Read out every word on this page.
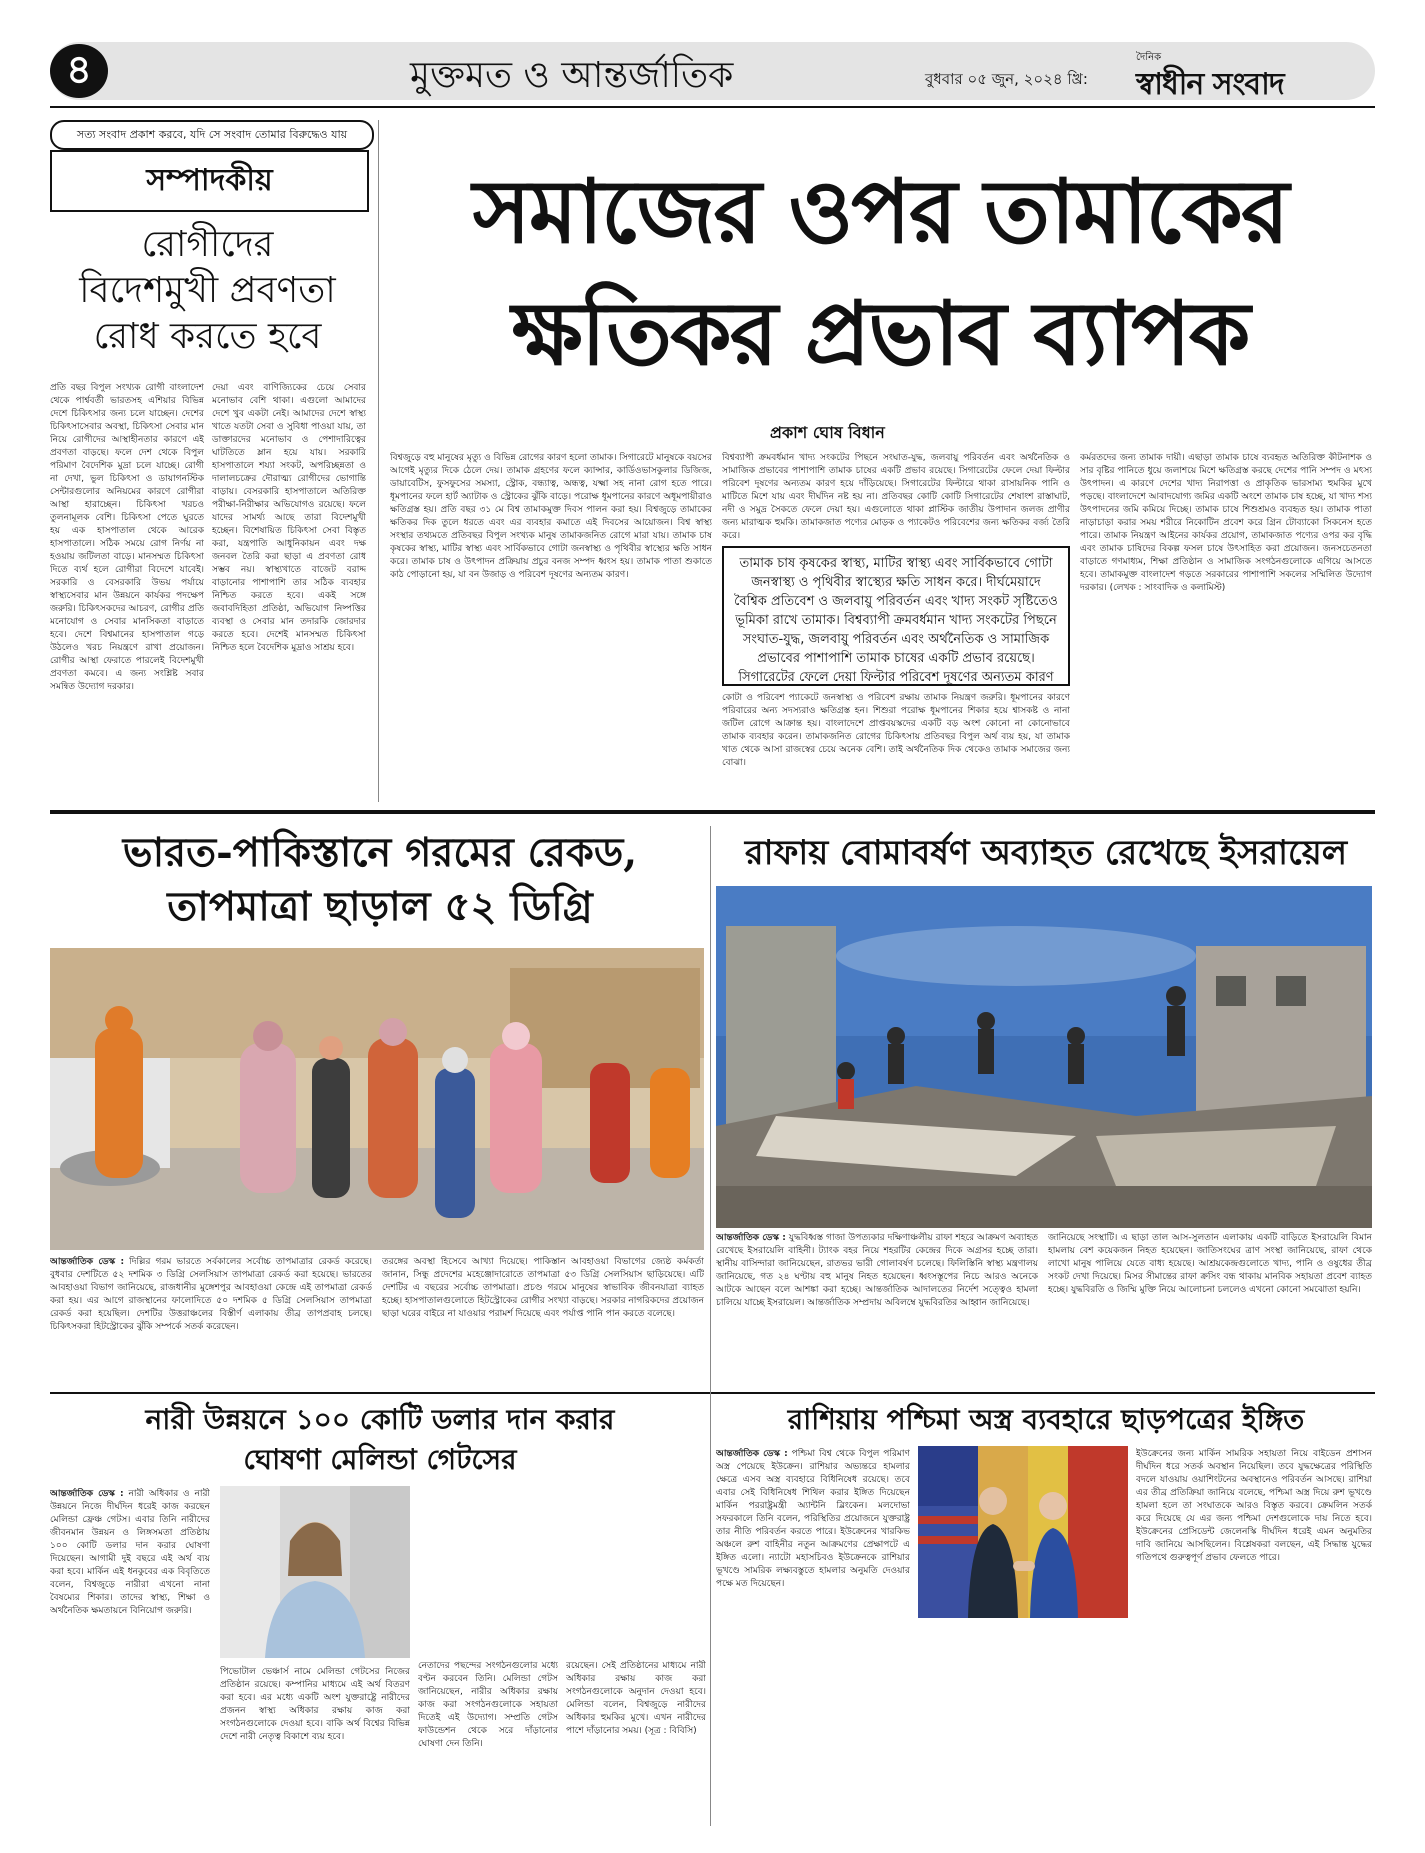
৪	মুক্তমত ও আন্তর্জাতিক	বুধবার ০৫ জুন, ২০২৪ খ্রি:
দৈনিক
স্বাধীন সংবাদ
সত্য সংবাদ প্রকাশ করবে, যদি সে সংবাদ তোমার বিরুদ্ধেও যায়
সম্পাদকীয়
রোগীদের
বিদেশমুখী প্রবণতা
রোধ করতে হবে
প্রতি বছর বিপুল সংখ্যক রোগী বাংলাদেশ থেকে পার্শ্ববর্তী ভারতসহ এশিয়ার বিভিন্ন দেশে চিকিৎসার জন্য চলে যাচ্ছেন। দেশের চিকিৎসাসেবার অবস্থা, চিকিৎসা সেবার মান নিয়ে রোগীদের আস্থাহীনতার কারণে এই প্রবণতা বাড়ছে। ফলে দেশ থেকে বিপুল পরিমাণ বৈদেশিক মুদ্রা চলে যাচ্ছে। রোগী না দেখা, ভুল চিকিৎসা ও ডায়াগনস্টিক সেন্টারগুলোর অনিয়মের কারণে রোগীরা আস্থা হারাচ্ছেন। চিকিৎসা খরচও তুলনামূলক বেশি। চিকিৎসা পেতে ঘুরতে হয় এক হাসপাতাল থেকে আরেক হাসপাতালে। সঠিক সময়ে রোগ নির্ণয় না হওয়ায় জটিলতা বাড়ে। মানসম্মত চিকিৎসা দিতে ব্যর্থ হলে রোগীরা বিদেশে যাবেই। সরকারি ও বেসরকারি উভয় পর্যায়ে স্বাস্থ্যসেবার মান উন্নয়নে কার্যকর পদক্ষেপ জরুরি। চিকিৎসকদের আচরণ, রোগীর প্রতি মনোযোগ ও সেবার মানসিকতা বাড়াতে হবে। দেশে বিশ্বমানের হাসপাতাল গড়ে উঠলেও খরচ নিয়ন্ত্রণে রাখা প্রয়োজন। রোগীর আস্থা ফেরাতে পারলেই বিদেশমুখী প্রবণতা কমবে। এ জন্য সংশ্লিষ্ট সবার সমন্বিত উদ্যোগ দরকার।
দেয়া এবং বাণিজ্যিকের চেয়ে সেবার মনোভাব বেশি থাকা। এগুলো আমাদের দেশে খুব একটা নেই। আমাদের দেশে স্বাস্থ্য খাতে যতটা সেবা ও সুবিধা পাওয়া যায়, তা ডাক্তারদের মনোভাব ও পেশাদারিত্বের ঘাটতিতে ম্লান হয়ে যায়। সরকারি হাসপাতালে শয্যা সংকট, অপরিচ্ছন্নতা ও দালালচক্রের দৌরাত্ম্য রোগীদের ভোগান্তি বাড়ায়। বেসরকারি হাসপাতালে অতিরিক্ত পরীক্ষা-নিরীক্ষার অভিযোগও রয়েছে। ফলে যাদের সামর্থ্য আছে তারা বিদেশমুখী হচ্ছেন। বিশেষায়িত চিকিৎসা সেবা বিস্তৃত করা, যন্ত্রপাতি আধুনিকায়ন এবং দক্ষ জনবল তৈরি করা ছাড়া এ প্রবণতা রোধ সম্ভব নয়। স্বাস্থ্যখাতে বাজেট বরাদ্দ বাড়ানোর পাশাপাশি তার সঠিক ব্যবহার নিশ্চিত করতে হবে। একই সঙ্গে জবাবদিহিতা প্রতিষ্ঠা, অভিযোগ নিষ্পত্তির ব্যবস্থা ও সেবার মান তদারকি জোরদার করতে হবে। দেশেই মানসম্মত চিকিৎসা নিশ্চিত হলে বৈদেশিক মুদ্রাও সাশ্রয় হবে।
সমাজের ওপর তামাকের
ক্ষতিকর প্রভাব ব্যাপক
প্রকাশ ঘোষ বিধান
বিশ্বজুড়ে বহু মানুষের মৃত্যু ও বিভিন্ন রোগের কারণ হলো তামাক। সিগারেটে মানুষকে বয়সের আগেই মৃত্যুর দিকে ঠেলে দেয়। তামাক গ্রহণের ফলে ক্যান্সার, কার্ডিওভাসকুলার ডিজিজ, ডায়াবেটিস, ফুসফুসের সমস্যা, স্ট্রোক, বন্ধ্যাত্ব, অন্ধত্ব, যক্ষ্মা সহ নানা রোগ হতে পারে। ধূমপানের ফলে হার্ট অ্যাটাক ও স্ট্রোকের ঝুঁকি বাড়ে। পরোক্ষ ধূমপানের কারণে অধূমপায়ীরাও ক্ষতিগ্রস্ত হয়। প্রতি বছর ৩১ মে বিশ্ব তামাকমুক্ত দিবস পালন করা হয়। বিশ্বজুড়ে তামাকের ক্ষতিকর দিক তুলে ধরতে এবং এর ব্যবহার কমাতে এই দিবসের আয়োজন। বিশ্ব স্বাস্থ্য সংস্থার তথ্যমতে প্রতিবছর বিপুল সংখ্যক মানুষ তামাকজনিত রোগে মারা যায়। তামাক চাষ কৃষকের স্বাস্থ্য, মাটির স্বাস্থ্য এবং সার্বিকভাবে গোটা জনস্বাস্থ্য ও পৃথিবীর স্বাস্থ্যের ক্ষতি সাধন করে। তামাক চাষ ও উৎপাদন প্রক্রিয়ায় প্রচুর বনজ সম্পদ ধ্বংস হয়। তামাক পাতা শুকাতে কাঠ পোড়ানো হয়, যা বন উজাড় ও পরিবেশ দূষণের অন্যতম কারণ।
বিশ্বব্যাপী ক্রমবর্ধমান খাদ্য সংকটের পিছনে সংঘাত-যুদ্ধ, জলবায়ু পরিবর্তন এবং অর্থনৈতিক ও সামাজিক প্রভাবের পাশাপাশি তামাক চাষের একটি প্রভাব রয়েছে। সিগারেটের ফেলে দেয়া ফিল্টার পরিবেশ দূষণের অন্যতম কারণ হয়ে দাঁড়িয়েছে। সিগারেটের ফিল্টারে থাকা রাসায়নিক পানি ও মাটিতে মিশে যায় এবং দীর্ঘদিন নষ্ট হয় না। প্রতিবছর কোটি কোটি সিগারেটের শেষাংশ রাস্তাঘাট, নদী ও সমুদ্র সৈকতে ফেলে দেয়া হয়। এগুলোতে থাকা প্লাস্টিক জাতীয় উপাদান জলজ প্রাণীর জন্য মারাত্মক হুমকি। তামাকজাত পণ্যের মোড়ক ও প্যাকেটও পরিবেশের জন্য ক্ষতিকর বর্জ্য তৈরি করে।
তামাক চাষ কৃষকের স্বাস্থ্য, মাটির স্বাস্থ্য এবং সার্বিকভাবে গোটা জনস্বাস্থ্য ও পৃথিবীর স্বাস্থ্যের ক্ষতি সাধন করে। দীর্ঘমেয়াদে বৈশ্বিক প্রতিবেশ ও জলবায়ু পরিবর্তন এবং খাদ্য সংকট সৃষ্টিতেও ভূমিকা রাখে তামাক। বিশ্বব্যাপী ক্রমবর্ধমান খাদ্য সংকটের পিছনে সংঘাত-যুদ্ধ, জলবায়ু পরিবর্তন এবং অর্থনৈতিক ও সামাজিক প্রভাবের পাশাপাশি তামাক চাষের একটি প্রভাব রয়েছে। সিগারেটের ফেলে দেয়া ফিল্টার পরিবেশ দূষণের অন্যতম কারণ
কোটা ও পরিবেশ প্যাকেটে জনস্বাস্থ্য ও পরিবেশ রক্ষায় তামাক নিয়ন্ত্রণ জরুরি। ধূমপানের কারণে পরিবারের অন্য সদস্যরাও ক্ষতিগ্রস্ত হন। শিশুরা পরোক্ষ ধূমপানের শিকার হয়ে শ্বাসকষ্ট ও নানা জটিল রোগে আক্রান্ত হয়। বাংলাদেশে প্রাপ্তবয়স্কদের একটি বড় অংশ কোনো না কোনোভাবে তামাক ব্যবহার করেন। তামাকজনিত রোগের চিকিৎসায় প্রতিবছর বিপুল অর্থ ব্যয় হয়, যা তামাক খাত থেকে আসা রাজস্বের চেয়ে অনেক বেশি। তাই অর্থনৈতিক দিক থেকেও তামাক সমাজের জন্য বোঝা।
কর্মরতদের জন্য তামাক দায়ী। এছাড়া তামাক চাষে ব্যবহৃত অতিরিক্ত কীটনাশক ও সার বৃষ্টির পানিতে ধুয়ে জলাশয়ে মিশে ক্ষতিগ্রস্ত করছে দেশের পানি সম্পদ ও মৎস্য উৎপাদন। এ কারণে দেশের খাদ্য নিরাপত্তা ও প্রাকৃতিক ভারসাম্য হুমকির মুখে পড়ছে। বাংলাদেশে আবাদযোগ্য জমির একটি অংশে তামাক চাষ হচ্ছে, যা খাদ্য শস্য উৎপাদনের জমি কমিয়ে দিচ্ছে। তামাক চাষে শিশুশ্রমও ব্যবহৃত হয়। তামাক পাতা নাড়াচাড়া করার সময় শরীরে নিকোটিন প্রবেশ করে গ্রিন টোব্যাকো সিকনেস হতে পারে। তামাক নিয়ন্ত্রণ আইনের কার্যকর প্রয়োগ, তামাকজাত পণ্যের ওপর কর বৃদ্ধি এবং তামাক চাষিদের বিকল্প ফসল চাষে উৎসাহিত করা প্রয়োজন। জনসচেতনতা বাড়াতে গণমাধ্যম, শিক্ষা প্রতিষ্ঠান ও সামাজিক সংগঠনগুলোকে এগিয়ে আসতে হবে। তামাকমুক্ত বাংলাদেশ গড়তে সরকারের পাশাপাশি সকলের সম্মিলিত উদ্যোগ দরকার। (লেখক : সাংবাদিক ও কলামিস্ট)
ভারত-পাকিস্তানে গরমের রেকড,
তাপমাত্রা ছাড়াল ৫২ ডিগ্রি
আন্তর্জাতিক ডেস্ক : দিল্লির গরম ভারতে সর্বকালের সর্বোচ্চ তাপমাত্রার রেকর্ড করেছে। বুধবার দেশটিতে ৫২ দশমিক ৩ ডিগ্রি সেলসিয়াস তাপমাত্রা রেকর্ড করা হয়েছে। ভারতের আবহাওয়া বিভাগ জানিয়েছে, রাজধানীর মুঙ্গেশপুর আবহাওয়া কেন্দ্রে এই তাপমাত্রা রেকর্ড করা হয়। এর আগে রাজস্থানের ফালোদিতে ৫০ দশমিক ৫ ডিগ্রি সেলসিয়াস তাপমাত্রা রেকর্ড করা হয়েছিল। দেশটির উত্তরাঞ্চলের বিস্তীর্ণ এলাকায় তীব্র তাপপ্রবাহ চলছে। চিকিৎসকরা হিটস্ট্রোকের ঝুঁকি সম্পর্কে সতর্ক করেছেন।
তরঙ্গের অবস্থা হিসেবে আখ্যা দিয়েছে। পাকিস্তান আবহাওয়া বিভাগের জ্যেষ্ঠ কর্মকর্তা জানান, সিন্ধু প্রদেশের মহেঞ্জোদারোতে তাপমাত্রা ৫৩ ডিগ্রি সেলসিয়াস ছাড়িয়েছে। এটি দেশটির এ বছরের সর্বোচ্চ তাপমাত্রা। প্রচণ্ড গরমে মানুষের স্বাভাবিক জীবনযাত্রা ব্যাহত হচ্ছে। হাসপাতালগুলোতে হিটস্ট্রোকের রোগীর সংখ্যা বাড়ছে। সরকার নাগরিকদের প্রয়োজন ছাড়া ঘরের বাইরে না যাওয়ার পরামর্শ দিয়েছে এবং পর্যাপ্ত পানি পান করতে বলেছে।
রাফায় বোমাবর্ষণ অব্যাহত রেখেছে ইসরায়েল
আন্তর্জাতিক ডেস্ক : যুদ্ধবিধ্বস্ত গাজা উপত্যকার দক্ষিণাঞ্চলীয় রাফা শহরে আক্রমণ অব্যাহত রেখেছে ইসরায়েলি বাহিনী। ট্যাংক বহর নিয়ে শহরটির কেন্দ্রের দিকে অগ্রসর হচ্ছে তারা। স্থানীয় বাসিন্দারা জানিয়েছেন, রাতভর ভারী গোলাবর্ষণ চলেছে। ফিলিস্তিনি স্বাস্থ্য মন্ত্রণালয় জানিয়েছে, গত ২৪ ঘণ্টায় বহু মানুষ নিহত হয়েছেন। ধ্বংসস্তূপের নিচে আরও অনেকে আটকে আছেন বলে আশঙ্কা করা হচ্ছে। আন্তর্জাতিক আদালতের নির্দেশ সত্ত্বেও হামলা চালিয়ে যাচ্ছে ইসরায়েল। আন্তর্জাতিক সম্প্রদায় অবিলম্বে যুদ্ধবিরতির আহ্বান জানিয়েছে।
জানিয়েছে সংস্থাটি। এ ছাড়া তাল আস-সুলতান এলাকায় একটি বাড়িতে ইসরায়েলি বিমান হামলায় বেশ কয়েকজন নিহত হয়েছেন। জাতিসংঘের ত্রাণ সংস্থা জানিয়েছে, রাফা থেকে লাখো মানুষ পালিয়ে যেতে বাধ্য হয়েছে। আশ্রয়কেন্দ্রগুলোতে খাদ্য, পানি ও ওষুধের তীব্র সংকট দেখা দিয়েছে। মিসর সীমান্তের রাফা ক্রসিং বন্ধ থাকায় মানবিক সহায়তা প্রবেশ ব্যাহত হচ্ছে। যুদ্ধবিরতি ও জিম্মি মুক্তি নিয়ে আলোচনা চললেও এখনো কোনো সমঝোতা হয়নি।
নারী উন্নয়নে ১০০ কোটি ডলার দান করার
ঘোষণা মেলিন্ডা গেটসের
আন্তর্জাতিক ডেস্ক : নারী অধিকার ও নারী উন্নয়নে নিজে দীর্ঘদিন ধরেই কাজ করছেন মেলিন্ডা ফ্রেঞ্চ গেটস। এবার তিনি নারীদের জীবনমান উন্নয়ন ও লিঙ্গসমতা প্রতিষ্ঠায় ১০০ কোটি ডলার দান করার ঘোষণা দিয়েছেন। আগামী দুই বছরে এই অর্থ ব্যয় করা হবে। মার্কিন এই ধনকুবের এক বিবৃতিতে বলেন, বিশ্বজুড়ে নারীরা এখনো নানা বৈষম্যের শিকার। তাদের স্বাস্থ্য, শিক্ষা ও অর্থনৈতিক ক্ষমতায়নে বিনিয়োগ জরুরি।
পিভোটাল ভেঞ্চার্স নামে মেলিন্ডা গেটসের নিজের প্রতিষ্ঠান রয়েছে। কম্পানির মাধ্যমে এই অর্থ বিতরণ করা হবে। এর মধ্যে একটি অংশ যুক্তরাষ্ট্রে নারীদের প্রজনন স্বাস্থ্য অধিকার রক্ষায় কাজ করা সংগঠনগুলোকে দেওয়া হবে। বাকি অর্থ বিশ্বের বিভিন্ন দেশে নারী নেতৃত্ব বিকাশে ব্যয় হবে।
নেতাদের পছন্দের সংগঠনগুলোর মধ্যে বণ্টন করবেন তিনি। মেলিন্ডা গেটস জানিয়েছেন, নারীর অধিকার রক্ষায় কাজ করা সংগঠনগুলোকে সহায়তা দিতেই এই উদ্যোগ। সম্প্রতি গেটস ফাউন্ডেশন থেকে সরে দাঁড়ানোর ঘোষণা দেন তিনি।
রয়েছেন। সেই প্রতিষ্ঠানের মাধ্যমে নারী অধিকার রক্ষায় কাজ করা সংগঠনগুলোকে অনুদান দেওয়া হবে। মেলিন্ডা বলেন, বিশ্বজুড়ে নারীদের অধিকার হুমকির মুখে। এখন নারীদের পাশে দাঁড়ানোর সময়। (সূত্র : বিবিসি)
রাশিয়ায় পশ্চিমা অস্ত্র ব্যবহারে ছাড়পত্রের ইঙ্গিত
আন্তর্জাতিক ডেস্ক : পশ্চিমা বিশ্ব থেকে বিপুল পরিমাণ অস্ত্র পেয়েছে ইউক্রেন। রাশিয়ার অভ্যন্তরে হামলার ক্ষেত্রে এসব অস্ত্র ব্যবহারে বিধিনিষেধ রয়েছে। তবে এবার সেই বিধিনিষেধ শিথিল করার ইঙ্গিত দিয়েছেন মার্কিন পররাষ্ট্রমন্ত্রী অ্যান্টনি ব্লিংকেন। মলদোভা সফরকালে তিনি বলেন, পরিস্থিতির প্রয়োজনে যুক্তরাষ্ট্র তার নীতি পরিবর্তন করতে পারে। ইউক্রেনের খারকিভ অঞ্চলে রুশ বাহিনীর নতুন আক্রমণের প্রেক্ষাপটে এ ইঙ্গিত এলো। ন্যাটো মহাসচিবও ইউক্রেনকে রাশিয়ার ভূখণ্ডে সামরিক লক্ষ্যবস্তুতে হামলার অনুমতি দেওয়ার পক্ষে মত দিয়েছেন।
ইউক্রেনের জন্য মার্কিন সামরিক সহায়তা নিয়ে বাইডেন প্রশাসন দীর্ঘদিন ধরে সতর্ক অবস্থান নিয়েছিল। তবে যুদ্ধক্ষেত্রের পরিস্থিতি বদলে যাওয়ায় ওয়াশিংটনের অবস্থানেও পরিবর্তন আসছে। রাশিয়া এর তীব্র প্রতিক্রিয়া জানিয়ে বলেছে, পশ্চিমা অস্ত্র দিয়ে রুশ ভূখণ্ডে হামলা হলে তা সংঘাতকে আরও বিস্তৃত করবে। ক্রেমলিন সতর্ক করে দিয়েছে যে এর জন্য পশ্চিমা দেশগুলোকে দায় নিতে হবে। ইউক্রেনের প্রেসিডেন্ট জেলেনস্কি দীর্ঘদিন ধরেই এমন অনুমতির দাবি জানিয়ে আসছিলেন। বিশ্লেষকরা বলছেন, এই সিদ্ধান্ত যুদ্ধের গতিপথে গুরুত্বপূর্ণ প্রভাব ফেলতে পারে।
